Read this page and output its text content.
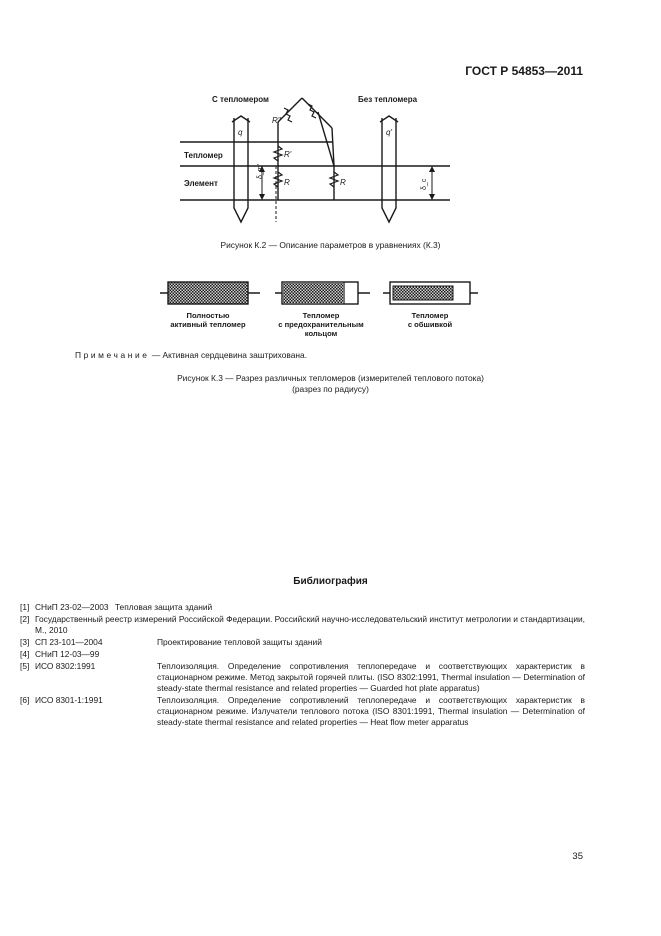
ГОСТ Р 54853—2011
С тепломером	Без тепломера
Тепломер
Элемент
q	q'
R''
R'
R	R
δ_m'
δ_c
Рисунок К.2 — Описание параметров в уравнениях (К.3)
Полностью
активный тепломер
Тепломер
с предохранительным
кольцом
Тепломер
с обшивкой
Примечание — Активная сердцевина заштрихована.
Рисунок К.3 — Разрез различных тепломеров (измерителей теплового потока)
(разрез по радиусу)
Библиография
[1] СНиП 23-02—2003 Тепловая защита зданий
[2] Государственный реестр измерений Российской Федерации. Российский научно-исследовательский институт метрологии и стандартизации, М., 2010
[3] СП 23-101—2004	Проектирование тепловой защиты зданий
[4] СНиП 12-03—99
[5] ИСО 8302:1991	Теплоизоляция. Определение сопротивления теплопередаче и соответствующих характеристик в стационарном режиме. Метод закрытой горячей плиты. (ISO 8302:1991, Thermal insulation — Determination of steady-state thermal resistance and related properties — Guarded hot plate apparatus)
[6] ИСО 8301-1:1991	Теплоизоляция. Определение сопротивлений теплопередаче и соответствующих характеристик в стационарном режиме. Излучатели теплового потока (ISO 8301:1991, Thermal insulation — Determination of steady-state thermal resistance and related properties — Heat flow meter apparatus
35
